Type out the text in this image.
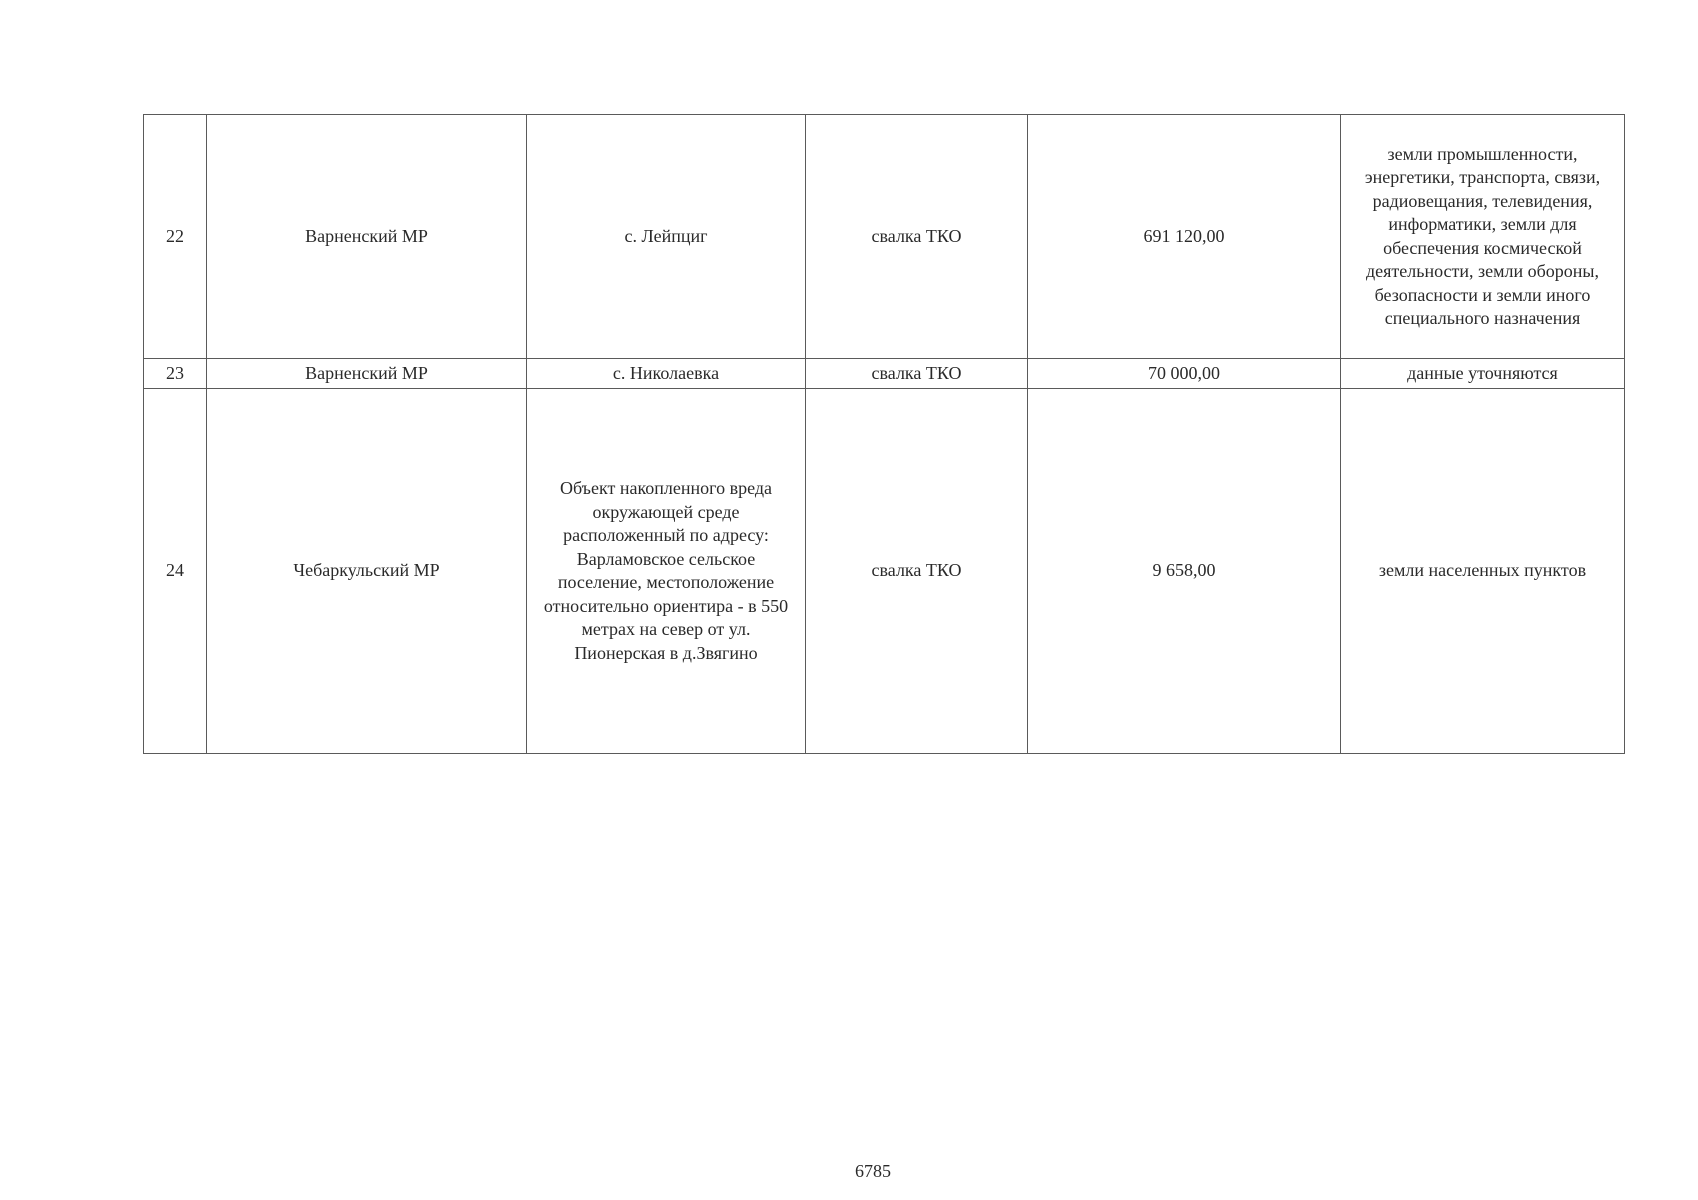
22	Варненский МР	с. Лейпциг	свалка ТКО	691 120,00	земли промышленности, энергетики, транспорта, связи, радиовещания, телевидения, информатики, земли для обеспечения космической деятельности, земли обороны, безопасности и земли иного специального назначения
23	Варненский МР	с. Николаевка	свалка ТКО	70 000,00	данные уточняются
24	Чебаркульский МР	Объект накопленного вреда окружающей среде расположенный по адресу: Варламовское сельское поселение, местоположение относительно ориентира - в 550 метрах на север от ул. Пионерская в д.Звягино	свалка ТКО	9 658,00	земли населенных пунктов
6785
